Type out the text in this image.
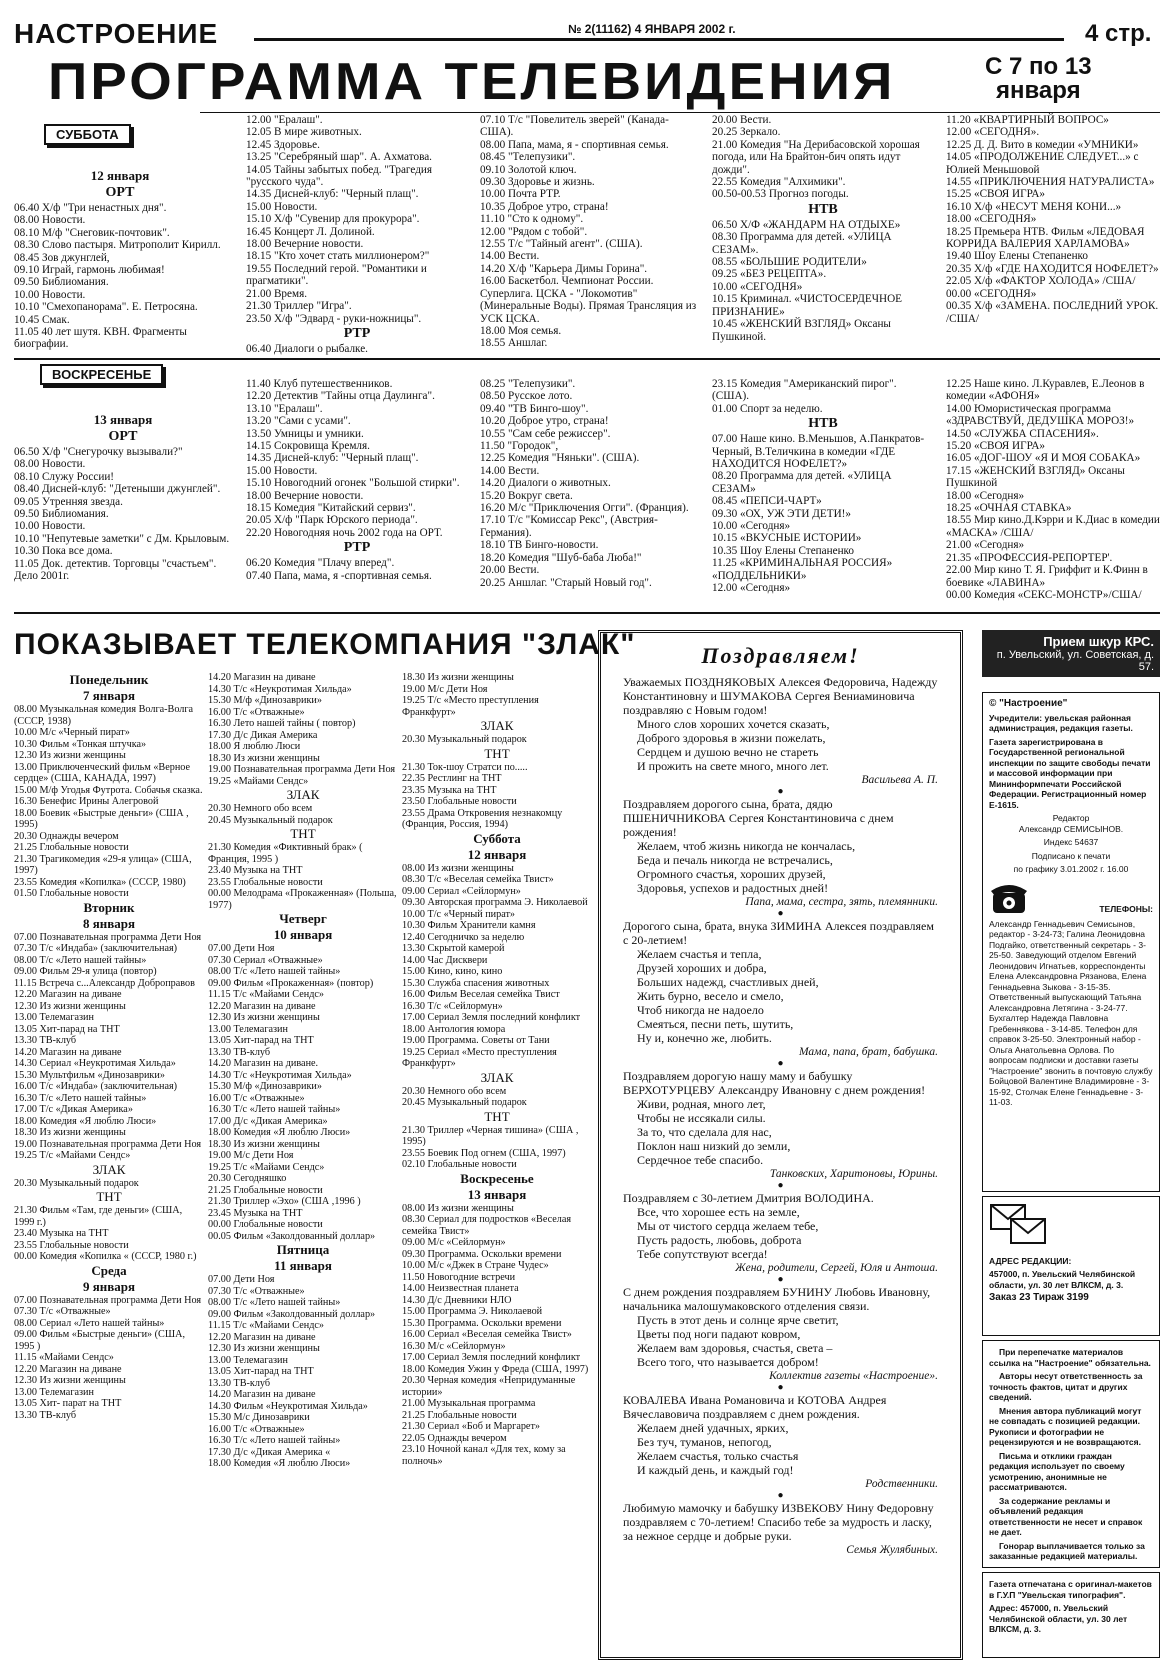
НАСТРОЕНИЕ	№ 2(11162) 4 ЯНВАРЯ 2002 г.	4 стр.
ПРОГРАММА ТЕЛЕВИДЕНИЯ	С 7 по 13
января
СУББОТА
12 января
ОРТ
06.40 Х/ф "Три ненастных дня".
08.00 Новости.
08.10 М/ф "Снеговик-почтовик".
08.30 Слово пастыря. Митрополит Кирилл.
08.45 Зов джунглей,
09.10 Играй, гармонь любимая!
09.50 Библиомания.
10.00 Новости.
10.10 "Смехопанорама". Е. Петросяна.
10.45 Смак.
11.05 40 лет шутя. KBH. Фрагменты биографии.
12.00 "Ералаш".
12.05 В мире животных.
12.45 Здоровье.
13.25 "Серебряный шар". А. Ахматова.
14.05 Тайны забытых побед. "Трагедия "русского чуда".
14.35 Дисней-клуб: "Черный плащ".
15.00 Новости.
15.10 Х/ф "Сувенир для прокурора".
16.45 Концерт Л. Долиной.
18.00 Вечерние новости.
18.15 "Кто хочет стать миллионером?"
19.55 Последний герой. "Романтики и прагматики".
21.00 Время.
21.30 Триллер "Игра".
23.50 Х/ф "Эдвард - руки-ножницы".
РТР
06.40 Диалоги о рыбалке.
07.10 Т/с "Повелитель зверей" (Канада-США).
08.00 Папа, мама, я - спортивная семья.
08.45 "Телепузики".
09.10 Золотой ключ.
09.30 Здоровье и жизнь.
10.00 Почта РТР.
10.35 Доброе утро, страна!
11.10 "Сто к одному".
12.00 "Рядом с тобой".
12.55 Т/с "Тайный агент". (США).
14.00 Вести.
14.20 Х/ф "Карьера Димы Горина".
16.00 Баскетбол. Чемпионат России. Суперлига. ЦСКА - "Локомотив" (Минеральные Воды). Прямая Трансляция из УСК ЦСКА.
18.00 Моя семья.
18.55 Аншлаг.
20.00 Вести.
20.25 Зеркало.
21.00 Комедия "На Дерибасовской хорошая погода, или На Брайтон-бич опять идут дожди".
22.55 Комедия "Алхимики".
00.50-00.53 Прогноз погоды.
НТВ
06.50 Х/Ф «ЖАНДАРМ НА ОТДЫХЕ»
08.30 Программа для детей. «УЛИЦА СЕЗАМ».
08.55 «БОЛЬШИЕ РОДИТЕЛИ»
09.25 «БЕЗ РЕЦЕПТА».
10.00 «СЕГОДНЯ»
10.15 Криминал. «ЧИСТОСЕРДЕЧНОЕ ПРИЗНАНИЕ»
10.45 «ЖЕНСКИЙ ВЗГЛЯД» Оксаны Пушкиной.
11.20 «КВАРТИРНЫЙ ВОПРОС»
12.00 «СЕГОДНЯ».
12.25 Д. Д. Вито в комедии «УМНИКИ»
14.05 «ПРОДОЛЖЕНИЕ СЛЕДУЕТ...» с Юлией Меньшовой
14.55 «ПРИКЛЮЧЕНИЯ НАТУРАЛИСТА»
15.25 «СВОЯ ИГРА»
16.10 Х/ф «НЕСУТ МЕНЯ КОНИ...»
18.00 «СЕГОДНЯ»
18.25 Премьера НТВ. Фильм «ЛЕДОВАЯ КОРРИДА ВАЛЕРИЯ ХАРЛАМОВА»
19.40 Шоу Елены Степаненко
20.35 Х/ф «ГДЕ НАХОДИТСЯ НОФЕЛЕТ?»
22.05 Х/ф «ФАКТОР ХОЛОДА» /США/
00.00 «СЕГОДНЯ»
00.35 Х/ф «ЗАМЕНА. ПОСЛЕДНИЙ УРОК. /США/
ВОСКРЕСЕНЬЕ
13 января
ОРТ
06.50 Х/ф "Снегурочку вызывали?"
08.00 Новости.
08.10 Служу России!
08.40 Дисней-клуб: "Детеныши джунглей".
09.05 Утренняя звезда.
09.50 Библиомания.
10.00 Новости.
10.10 "Непутевые заметки" с Дм. Крыловым.
10.30 Пока все дома.
11.05 Док. детектив. Торговцы "счастьем". Дело 2001г.
11.40 Клуб путешественников.
12.20 Детектив "Тайны отца Даулинга".
13.10 "Ералаш".
13.20 "Сами с усами".
13.50 Умницы и умники.
14.15 Сокровища Кремля.
14.35 Дисней-клуб: "Черный плащ".
15.00 Новости.
15.10 Новогодний огонек "Большой стирки".
18.00 Вечерние новости.
18.15 Комедия "Китайский сервиз".
20.05 Х/ф "Парк Юрского периода".
22.20 Новогодняя ночь 2002 года на ОРТ.
РТР
06.20 Комедия "Плачу вперед".
07.40 Папа, мама, я -спортивная семья.
08.25 "Телепузики".
08.50 Русское лото.
09.40 "ТВ Бинго-шоу".
10.20 Доброе утро, страна!
10.55 "Сам себе режиссер".
11.50 "Городок",
12.25 Комедия "Няньки". (США).
14.00 Вести.
14.20 Диалоги о животных.
15.20 Вокруг света.
16.20 М/с "Приключения Огги". (Франция).
17.10 Т/с "Комиссар Рекс", (Австрия-Германия).
18.10 ТВ Бинго-новости.
18.20 Комедия "Шуб-баба Люба!"
20.00 Вести.
20.25 Аншлаг. "Старый Новый год".
23.15 Комедия "Американский пирог". (США).
01.00 Спорт за неделю.
НТВ
07.00 Наше кино. В.Меньшов, А.Панкратов-Черный, В.Теличкина в комедии «ГДЕ НАХОДИТСЯ НОФЕЛЕТ?»
08.20 Программа для детей. «УЛИЦА СЕЗАМ»
08.45 «ПЕПСИ-ЧАРТ»
09.30 «ОХ, УЖ ЭТИ ДЕТИ!»
10.00 «Сегодня»
10.15 «ВКУСНЫЕ ИСТОРИИ»
10.35 Шоу Елены Степаненко
11.25 «КРИМИНАЛЬНАЯ РОССИЯ» «ПОДДЕЛЬНИКИ»
12.00 «Сегодня»
12.25 Наше кино. Л.Куравлев, Е.Леонов в комедии «АФОНЯ»
14.00 Юмористическая программа «ЗДРАВСТВУЙ, ДЕДУШКА МОРОЗ!»
14.50 «СЛУЖБА СПАСЕНИЯ».
15.20 «СВОЯ ИГРА»
16.05 «ДОГ-ШОУ «Я И МОЯ СОБАКА»
17.15 «ЖЕНСКИЙ ВЗГЛЯД» Оксаны Пушкиной
18.00 «Сегодня»
18.25 «ОЧНАЯ СТАВКА»
18.55 Мир кино.Д.Кэрри и К.Диас в комедии «МАСКА» /США/
21.00 «Сегодня»
21.35 «ПРОФЕССИЯ-РЕПОРТЕР'.
22.00 Мир кино Т. Я. Гриффит и К.Финн в боевике «ЛАВИНА»
00.00 Комедия «СЕКС-МОНСТР»/США/
ПОКАЗЫВАЕТ ТЕЛЕКОМПАНИЯ "ЗЛАК"
Понедельник
7 января
08.00 Музыкальная комедия Волга-Волга (СССР, 1938)
10.00 М/с «Черный пират»
10.30 Фильм «Тонкая штучка»
12.30 Из жизни женщины
13.00 Приключенческий фильм «Верное сердце» (США, КАНАДА, 1997)
15.00 М/ф Угодья Футрота. Собачья сказка.
16.30 Бенефис Ирины Алегровой
18.00 Боевик «Быстрые деньги» (США , 1995)
20.30 Однажды вечером
21.25 Глобальные новости
21.30 Трагикомедия «29-я улица» (США, 1997)
23.55 Комедия «Копилка» (СССР, 1980)
01.50 Глобальные новости
Вторник
8 января
07.00 Познавательная программа Дети Ноя
07.30 Т/с «Индаба» (заключительная)
08.00 Т/с «Лето нашей тайны»
09.00 Фильм 29-я улица (повтор)
11.15 Встреча с...Александр Доброправов
12.20 Магазин на диване
12.30 Из жизни женщины
13.00 Телемагазин
13.05 Хит-парад на ТНТ
13.30 ТВ-клуб
14.20 Магазин на диване
14.30 Сериал «Неукротимая Хильда»
15.30 Мультфильм «Динозаврики»
16.00 Т/с «Индаба» (заключительная)
16.30 Т/с «Лето нашей тайны»
17.00 Т/с «Дикая Америка»
18.00 Комедия «Я люблю Люси»
18.30 Из жизни женщины
19.00 Познавательная программа Дети Ноя
19.25 Т/с «Майами Сендс»
ЗЛАК
20.30 Музыкальный подарок
ТНТ
21.30 Фильм «Там, где деньги» (США, 1999 г.)
23.40 Музыка на ТНТ
23.55 Глобальные новости
00.00 Комедия «Копилка « (СССР, 1980 г.)
Среда
9 января
07.00 Познавательная программа Дети Ноя
07.30 Т/с «Отважные»
08.00 Сериал «Лето нашей тайны»
09.00 Фильм «Быстрые деньги» (США, 1995 )
11.15 «Майами Сендс»
12.20 Магазин на диване
12.30 Из жизни женщины
13.00 Телемагазин
13.05 Хит- парат на ТНТ
13.30 ТВ-клуб
14.20 Магазин на диване
14.30 Т/с «Неукротимая Хильда»
15.30 М/ф «Динозаврики»
16.00 Т/с «Отважные»
16.30 Лето нашей тайны ( повтор)
17.30 Д/с Дикая Америка
18.00 Я люблю Люси
18.30 Из жизни женщины
19.00 Познавательная программа Дети Ноя
19.25 «Майами Сендс»
ЗЛАК
20.30 Немного обо всем
20.45 Музыкальный подарок
ТНТ
21.30 Комедия «Фиктивный брак» ( Франция, 1995 )
23.40 Музыка на ТНТ
23.55 Глобальные новости
00.00 Мелодрама «Прокаженная» (Польша, 1977)
Четверг
10 января
07.00 Дети Ноя
07.30 Сериал «Отважные»
08.00 Т/с «Лето нашей тайны»
09.00 Фильм «Прокаженная» (повтор)
11.15 Т/с «Майами Сендс»
12.20 Магазин на диване
12.30 Из жизни женщины
13.00 Телемагазин
13.05 Хит-парад на ТНТ
13.30 ТВ-клуб
14.20 Магазин на диване.
14.30 Т/с «Неукротимая Хильда»
15.30 М/ф «Динозаврики»
16.00 Т/с «Отважные»
16.30 Т/с «Лето нашей тайны»
17.00 Д/с «Дикая Америка»
18.00 Комедия «Я люблю Люси»
18.30 Из жизни женщины
19.00 М/с Дети Ноя
19.25 Т/с «Майами Сендс»
20.30 Сегодняшко
21.25 Глобальные новости
21.30 Триллер «Эхо» (США ,1996 )
23.45 Музыка на ТНТ
00.00 Глобальные новости
00.05 Фильм «Заколдованный доллар»
Пятница
11 января
07.00 Дети Ноя
07.30 Т/с «Отважные»
08.00 Т/с «Лето нашей тайны»
09.00 Фильм «Заколдованный доллар»
11.15 Т/с «Майами Сендс»
12.20 Магазин на диване
12.30 Из жизни женщины
13.00 Телемагазин
13.05 Хит-парад на ТНТ
13.30 ТВ-клуб
14.20 Магазин на диване
14.30 Фильм «Неукротимая Хильда»
15.30 М/с Динозаврики
16.00 Т/с «Отважные»
16.30 Т/с «Лето нашей тайны»
17.30 Д/с «Дикая Америка «
18.00 Комедия «Я люблю Люси»
18.30 Из жизни женщины
19.00 М/с Дети Ноя
19.25 Т/с «Место преступления Франкфурт»
ЗЛАК
20.30 Музыкальный подарок
ТНТ
21.30 Ток-шоу Стратси по.....
22.35 Рестлинг на ТНТ
23.35 Музыка на ТНТ
23.50 Глобальные новости
23.55 Драма Откровения незнакомцу (Франция, Россия, 1994)
Суббота
12 января
08.00 Из жизни женщины
08.30 Т/с «Веселая семейка Твист»
09.00 Сериал «Сейлормун»
09.30 Авторская программа Э. Николаевой
10.00 Т/с «Черный пират»
10.30 Фильм Хранители камня
12.40 Сегодничко за неделю
13.30 Скрытой камерой
14.00 Час Дисквери
15.00 Кино, кино, кино
15.30 Служба спасения животных
16.00 Фильм Веселая семейка Твист
16.30 Т/с «Сейлормун»
17.00 Сериал Земля последний конфликт
18.00 Антология юмора
19.00 Программа. Советы от Тани
19.25 Сериал «Место преступления Франкфурт»
ЗЛАК
20.30 Немного обо всем
20.45 Музыкальный подарок
ТНТ
21.30 Триллер «Черная тишина» (США , 1995)
23.55 Боевик Под огнем (США, 1997)
02.10 Глобальные новости
Воскресенье
13 января
08.00 Из жизни женщины
08.30 Сериал для подростков «Веселая семейка Твист»
09.00 М/с «Сейлормун»
09.30 Программа. Оскольки времени
10.00 М/с «Джек в Стране Чудес»
11.50 Новогодние встречи
14.00 Неизвестная планета
14.30 Д/с Дневники НЛО
15.00 Программа Э. Николаевой
15.30 Программа. Оскольки времени
16.00 Сериал «Веселая семейка Твист»
16.30 М/с «Сейлормун»
17.00 Сериал Земля последний конфликт
18.00 Комедия Ужин у Фреда (США, 1997)
20.30 Черная комедия «Непридуманные истории»
21.00 Музыкальная программа
21.25 Глобальные новости
21.30 Сериал «Боб и Маргарет»
22.05 Однажды вечером
23.10 Ночной канал «Для тех, кому за полночь»
Поздравляем!
Уважаемых ПОЗДНЯКОВЫХ Алексея Федоровича, Надежду Константиновну и ШУМАКОВА Сергея Вениаминовича поздравляю с Новым годом!
Много слов хороших хочется сказать,
Доброго здоровья в жизни пожелать,
Сердцем и душою вечно не стареть
И прожить на свете много, много лет.
Васильева А. П.
●
Поздравляем дорогого сына, брата, дядю ПШЕНИЧНИКОВА Сергея Константиновича с днем рождения!
Желаем, чтоб жизнь никогда не кончалась,
Беда и печаль никогда не встречались,
Огромного счастья, хороших друзей,
Здоровья, успехов и радостных дней!
Папа, мама, сестра, зять, племянники.
●
Дорогого сына, брата, внука ЗИМИНА Алексея поздравляем с 20-летием!
Желаем счастья и тепла,
Друзей хороших и добра,
Больших надежд, счастливых дней,
Жить бурно, весело и смело,
Чтоб никогда не надоело
Смеяться, песни петь, шутить,
Ну и, конечно же, любить.
Мама, папа, брат, бабушка.
●
Поздравляем дорогую нашу маму и бабушку ВЕРХОТУРЦЕВУ Александру Ивановну с днем рождения!
Живи, родная, много лет,
Чтобы не иссякали силы.
За то, что сделала для нас,
Поклон наш низкий до земли,
Сердечное тебе спасибо.
Танковских, Харитоновы, Юрины.
●
Поздравляем с 30-летием Дмитрия ВОЛОДИНА.
Все, что хорошее есть на земле,
Мы от чистого сердца желаем тебе,
Пусть радость, любовь, доброта
Тебе сопутствуют всегда!
Жена, родители, Сергей, Юля и Антоша.
●
С днем рождения поздравляем БУНИНУ Любовь Ивановну, начальника малошумаковского отделения связи.
Пусть в этот день и солнце ярче светит,
Цветы под ноги падают ковром,
Желаем вам здоровья, счастья, света –
Всего того, что называется добром!
Коллектив газеты «Настроение».
●
КОВАЛЕВА Ивана Романовича и КОТОВА Андрея Вячеславовича поздравляем с днем рождения.
Желаем дней удачных, ярких,
Без туч, туманов, непогод,
Желаем счастья, только счастья
И каждый день, и каждый год!
Родственники.
●
Любимую мамочку и бабушку ИЗВЕКОВУ Нину Федоровну поздравляем с 70-летием! Спасибо тебе за мудрость и ласку, за нежное сердце и добрые руки.
Семья Жулябиных.
Прием шкур КРС.
п. Увельский, ул. Советская, д. 57.

© "Настроение"

Учредители: увельская районная администрация, редакция газеты.

Газета зарегистрирована в Государственной региональной инспекции по защите свободы печати и массовой информации при Мининформпечати Российской Федерации. Регистрационный номер Е-1615.

Редактор

Александр СЕМИСЫНОВ.

Индекс 54637

Подписано к печати

по графику 3.01.2002 г. 16.00

ТЕЛЕФОНЫ:

Александр Геннадьевич Семисынов, редактор - 3-24-73; Галина Леонидовна Подгайко, ответственный секретарь - 3-25-50. Заведующий отделом Евгений Леонидович Игнатьев, корреспонденты Елена Александровна Рязанова, Елена Геннадьевна Зыкова - 3-15-35. Ответственный выпускающий Татьяна Александровна Летягина - 3-24-77. Бухгалтер Надежда Павловна Гребеннякова - 3-14-85. Телефон для справок 3-25-50. Электронный набор - Ольга Анатольевна Орлова. По вопросам подписки и доставки газеты "Настроение" звонить в почтовую службу Бойцовой Валентине Владимировне - 3-15-92, Столчак Елене Геннадьевне - 3-11-03.

АДРЕС РЕДАКЦИИ:

457000, п. Увельский Челябинской области, ул. 30 лет ВЛКСМ, д. 3.

Заказ 23 Тираж 3199

При перепечатке материалов ссылка на "Настроение" обязательна.

Авторы несут ответственность за точность фактов, цитат и других сведений.

Мнения автора публикаций могут не совпадать с позицией редакции. Рукописи и фотографии не рецензируются и не возвращаются.

Письма и отклики граждан редакция использует по своему усмотрению, анонимные не рассматриваются.

За содержание рекламы и объявлений редакция ответственности не несет и справок не дает.

Гонорар выплачивается только за заказанные редакцией материалы.

Газета отпечатана с оригинал-макетов в Г.У.П "Увельская типография".

Адрес: 457000, п. Увельский Челябинской области, ул. 30 лет ВЛКСМ, д. 3.
